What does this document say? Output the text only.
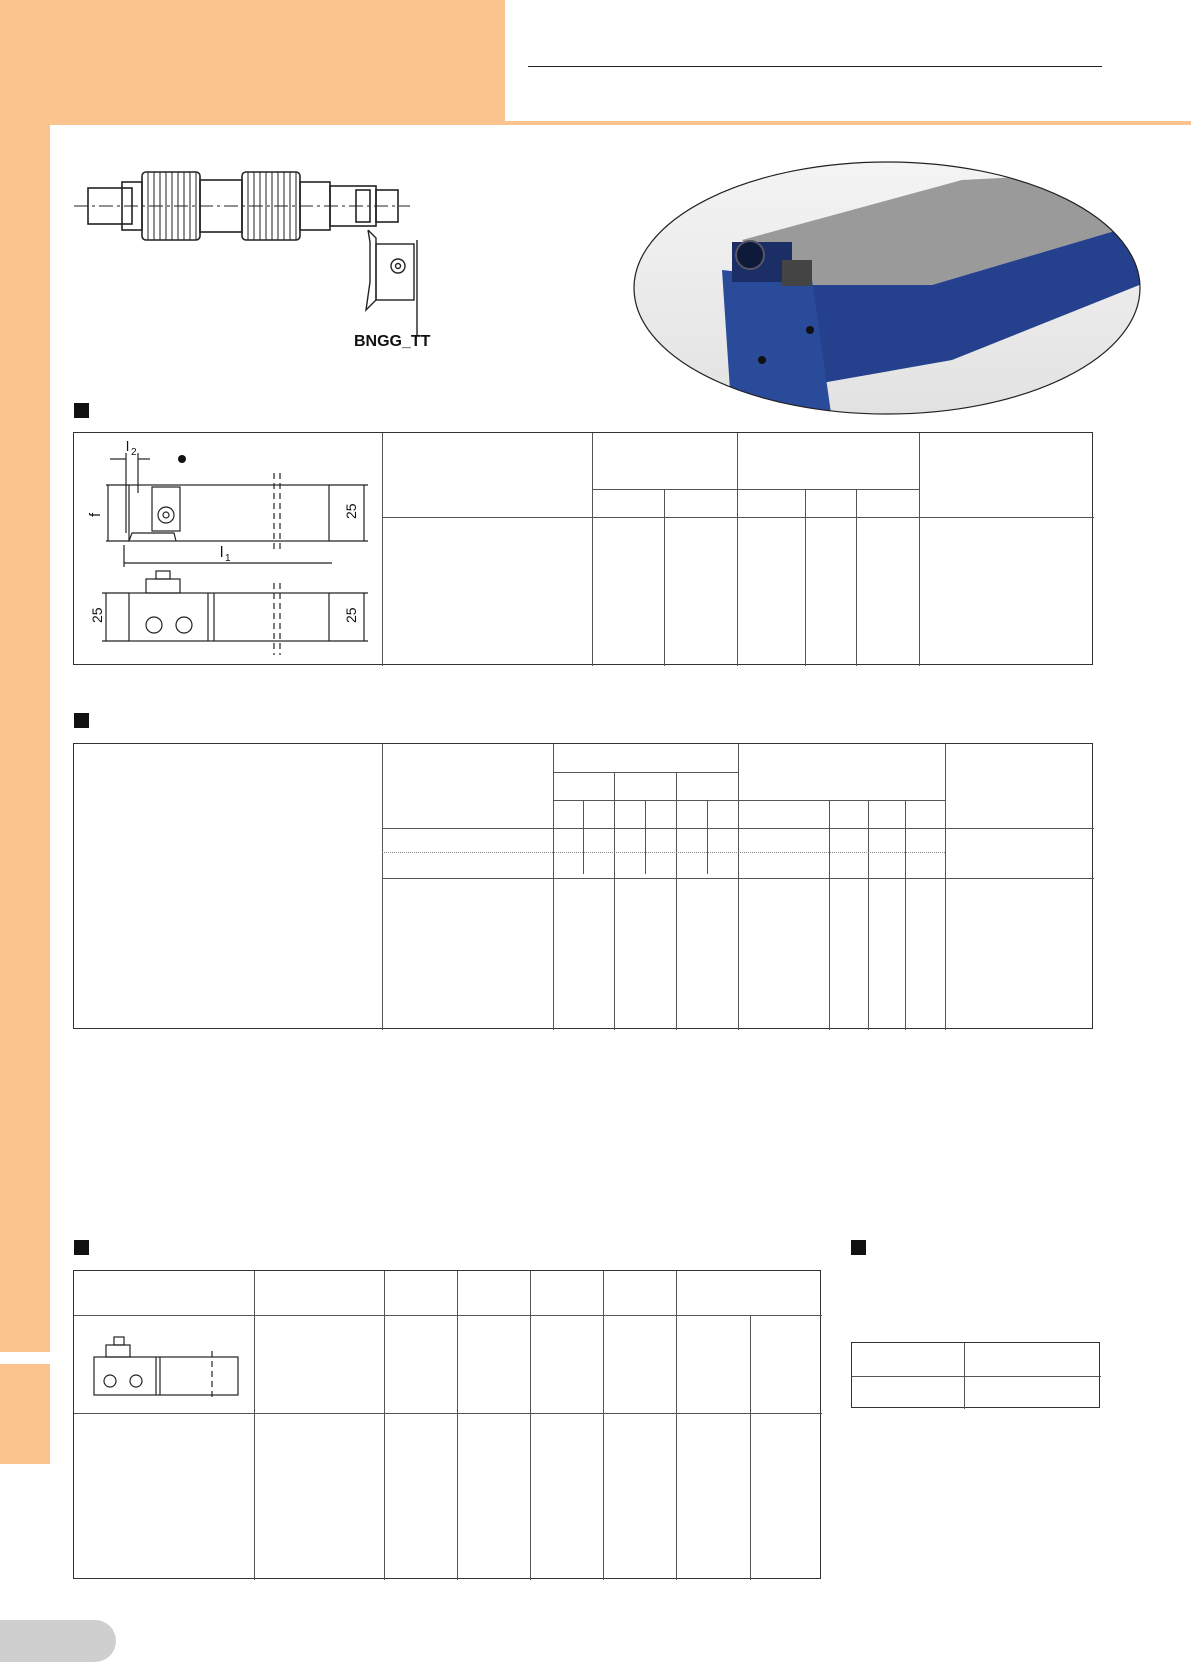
BNGG_TT
l 2
f
l 1
25
25	25
